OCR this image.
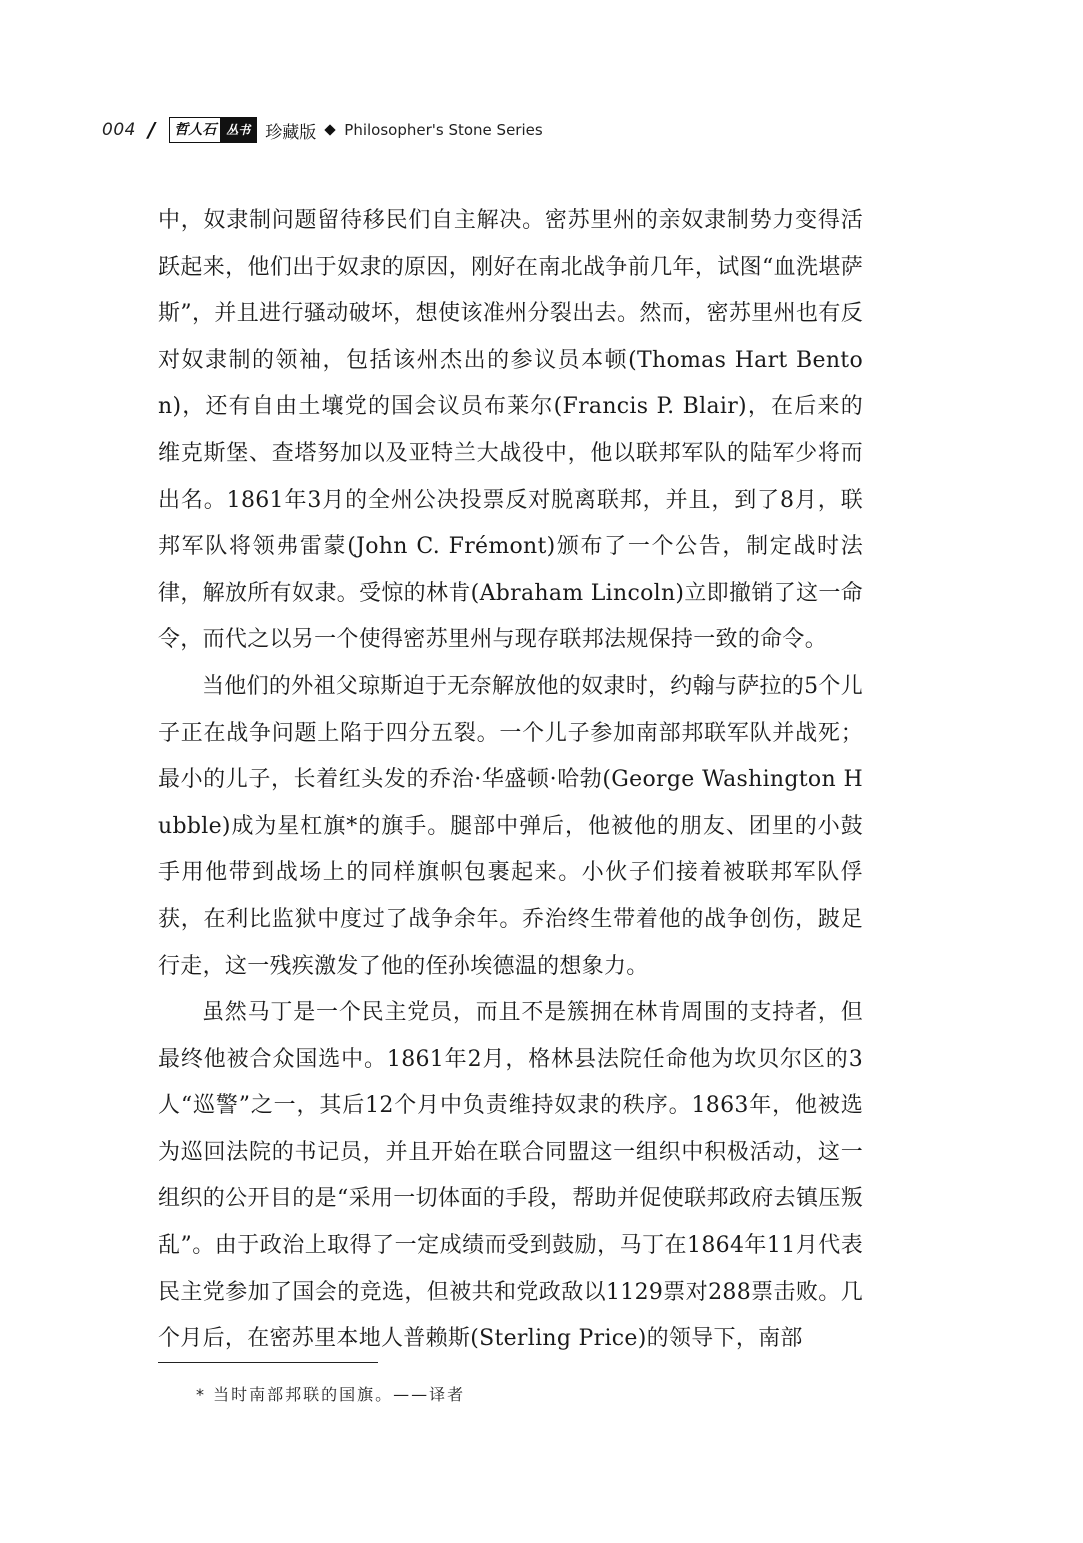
004 / 哲人石 丛书 珍藏版 Philosopher's Stone Series

中，奴隶制问题留待移民们自主解决。密苏里州的亲奴隶制势力变得活跃起来，他们出于奴隶的原因，刚好在南北战争前几年，试图“血洗堪萨斯”，并且进行骚动破坏，想使该准州分裂出去。然而，密苏里州也有反对奴隶制的领袖，包括该州杰出的参议员本顿(Thomas Hart Benton)，还有自由土壤党的国会议员布莱尔(Francis P. Blair)，在后来的维克斯堡、查塔努加以及亚特兰大战役中，他以联邦军队的陆军少将而出名。1861年3月的全州公决投票反对脱离联邦，并且，到了8月，联邦军队将领弗雷蒙(John C. Frémont)颁布了一个公告，制定战时法律，解放所有奴隶。受惊的林肯(Abraham Lincoln)立即撤销了这一命令，而代之以另一个使得密苏里州与现存联邦法规保持一致的命令。

当他们的外祖父琼斯迫于无奈解放他的奴隶时，约翰与萨拉的5个儿子正在战争问题上陷于四分五裂。一个儿子参加南部邦联军队并战死；最小的儿子，长着红头发的乔治·华盛顿·哈勃(George Washington Hubble)成为星杠旗*的旗手。腿部中弹后，他被他的朋友、团里的小鼓手用他带到战场上的同样旗帜包裹起来。小伙子们接着被联邦军队俘获，在利比监狱中度过了战争余年。乔治终生带着他的战争创伤，跛足行走，这一残疾激发了他的侄孙埃德温的想象力。

虽然马丁是一个民主党员，而且不是簇拥在林肯周围的支持者，但最终他被合众国选中。1861年2月，格林县法院任命他为坎贝尔区的3人“巡警”之一，其后12个月中负责维持奴隶的秩序。1863年，他被选为巡回法院的书记员，并且开始在联合同盟这一组织中积极活动，这一组织的公开目的是“采用一切体面的手段，帮助并促使联邦政府去镇压叛乱”。由于政治上取得了一定成绩而受到鼓励，马丁在1864年11月代表民主党参加了国会的竞选，但被共和党政敌以1129票对288票击败。几个月后，在密苏里本地人普赖斯(Sterling Price)的领导下，南部

* 当时南部邦联的国旗。——译者
